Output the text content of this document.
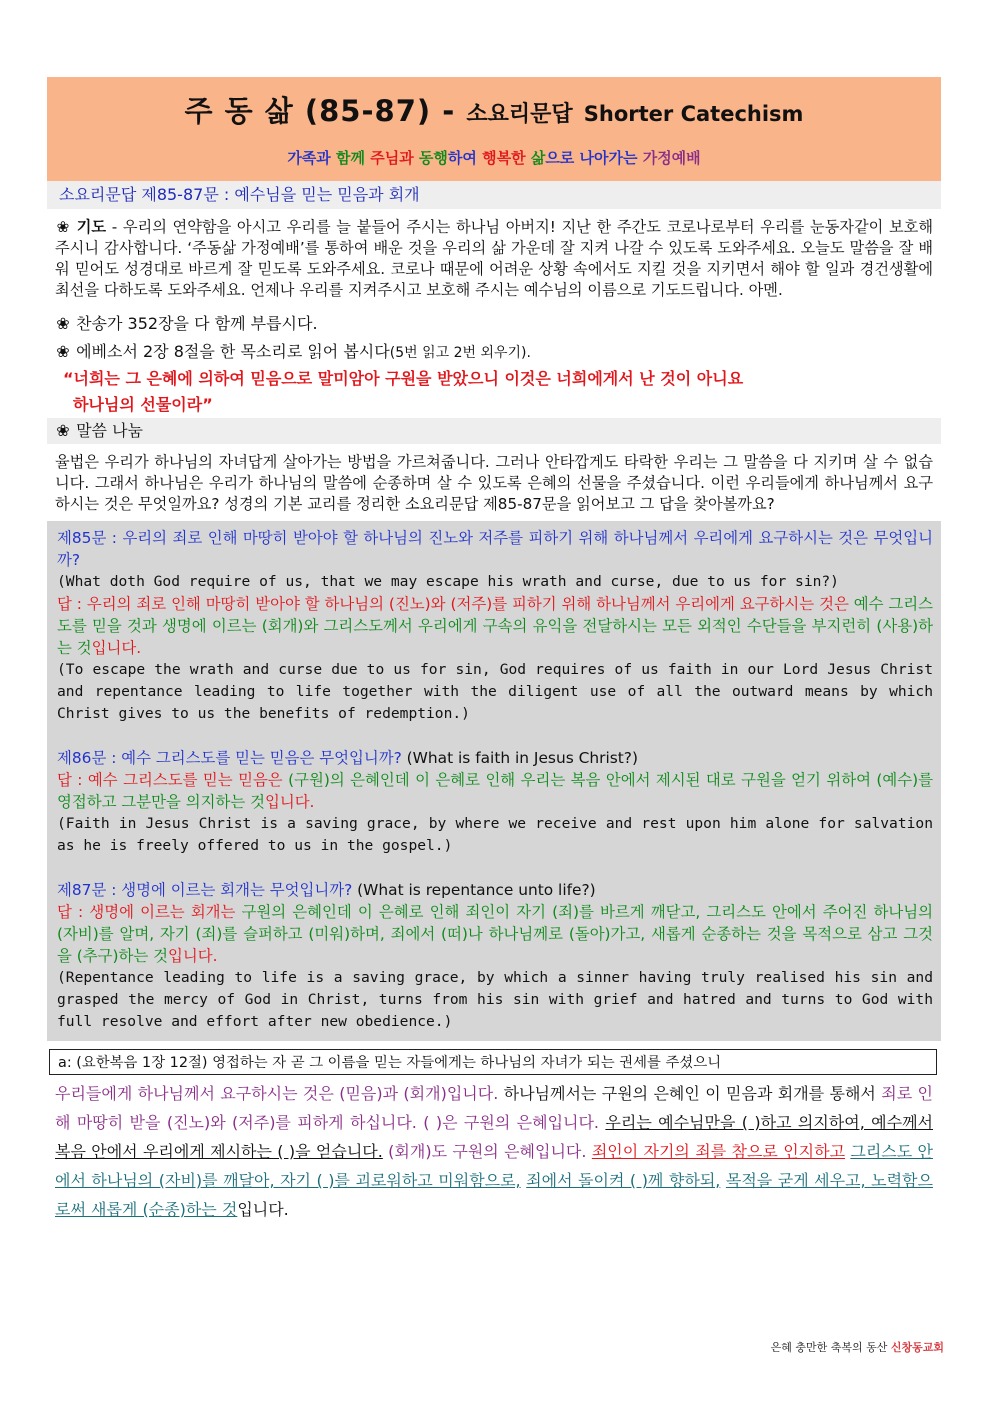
주 동 삶 (85-87) - 소요리문답 Shorter Catechism
가족과 함께 주님과 동행하여 행복한 삶으로 나아가는 가정예배
소요리문답 제85-87문 : 예수님을 믿는 믿음과 회개
❀ 기도 - 우리의 연약함을 아시고 우리를 늘 붙들어 주시는 하나님 아버지! 지난 한 주간도 코로나로부터 우리를 눈동자같이 보호해 주시니 감사합니다. ‘주동삶 가정예배’를 통하여 배운 것을 우리의 삶 가운데 잘 지켜 나갈 수 있도록 도와주세요. 오늘도 말씀을 잘 배워 믿어도 성경대로 바르게 잘 믿도록 도와주세요. 코로나 때문에 어려운 상황 속에서도 지킬 것을 지키면서 해야 할 일과 경건생활에 최선을 다하도록 도와주세요. 언제나 우리를 지켜주시고 보호해 주시는 예수님의 이름으로 기도드립니다. 아멘.
❀ 찬송가 352장을 다 함께 부릅시다.
❀ 에베소서 2장 8절을 한 목소리로 읽어 봅시다(5번 읽고 2번 외우기).
“너희는 그 은혜에 의하여 믿음으로 말미암아 구원을 받았으니 이것은 너희에게서 난 것이 아니요
하나님의 선물이라”
❀ 말씀 나눔
율법은 우리가 하나님의 자녀답게 살아가는 방법을 가르쳐줍니다. 그러나 안타깝게도 타락한 우리는 그 말씀을 다 지키며 살 수 없습니다. 그래서 하나님은 우리가 하나님의 말씀에 순종하며 살 수 있도록 은혜의 선물을 주셨습니다. 이런 우리들에게 하나님께서 요구하시는 것은 무엇일까요? 성경의 기본 교리를 정리한 소요리문답 제85-87문을 읽어보고 그 답을 찾아볼까요?
제85문 : 우리의 죄로 인해 마땅히 받아야 할 하나님의 진노와 저주를 피하기 위해 하나님께서 우리에게 요구하시는 것은 무엇입니까?
(What doth God require of us, that we may escape his wrath and curse, due to us for sin?)
답 : 우리의 죄로 인해 마땅히 받아야 할 하나님의 (진노)와 (저주)를 피하기 위해 하나님께서 우리에게 요구하시는 것은 예수 그리스도를 믿을 것과 생명에 이르는 (회개)와 그리스도께서 우리에게 구속의 유익을 전달하시는 모든 외적인 수단들을 부지런히 (사용)하는 것입니다.
(To escape the wrath and curse due to us for sin, God requires of us faith in our Lord Jesus Christ and repentance leading to life together with the diligent use of all the outward means by which Christ gives to us the benefits of redemption.)
제86문 : 예수 그리스도를 믿는 믿음은 무엇입니까? (What is faith in Jesus Christ?)
답 : 예수 그리스도를 믿는 믿음은 (구원)의 은혜인데 이 은혜로 인해 우리는 복음 안에서 제시된 대로 구원을 얻기 위하여 (예수)를 영접하고 그분만을 의지하는 것입니다.
(Faith in Jesus Christ is a saving grace, by where we receive and rest upon him alone for salvation as he is freely offered to us in the gospel.)
제87문 : 생명에 이르는 회개는 무엇입니까? (What is repentance unto life?)
답 : 생명에 이르는 회개는 구원의 은혜인데 이 은혜로 인해 죄인이 자기 (죄)를 바르게 깨닫고, 그리스도 안에서 주어진 하나님의 (자비)를 알며, 자기 (죄)를 슬퍼하고 (미워)하며, 죄에서 (떠)나 하나님께로 (돌아)가고, 새롭게 순종하는 것을 목적으로 삼고 그것을 (추구)하는 것입니다.
(Repentance leading to life is a saving grace, by which a sinner having truly realised his sin and grasped the mercy of God in Christ, turns from his sin with grief and hatred and turns to God with full resolve and effort after new obedience.)
a: (요한복음 1장 12절) 영접하는 자 곧 그 이름을 믿는 자들에게는 하나님의 자녀가 되는 권세를 주셨으니
우리들에게 하나님께서 요구하시는 것은 (믿음)과 (회개)입니다. 하나님께서는 구원의 은혜인 이 믿음과 회개를 통해서 죄로 인해 마땅히 받을 (진노)와 (저주)를 피하게 하십니다. ( )은 구원의 은혜입니다. 우리는 예수님만을 ( )하고 의지하여, 예수께서 복음 안에서 우리에게 제시하는 ( )을 얻습니다. (회개)도 구원의 은혜입니다. 죄인이 자기의 죄를 참으로 인지하고 그리스도 안에서 하나님의 (자비)를 깨달아, 자기 ( )를 괴로워하고 미워함으로, 죄에서 돌이켜 ( )께 향하되, 목적을 굳게 세우고, 노력함으로써 새롭게 (순종)하는 것입니다.
은혜 충만한 축복의 동산 신창동교회
